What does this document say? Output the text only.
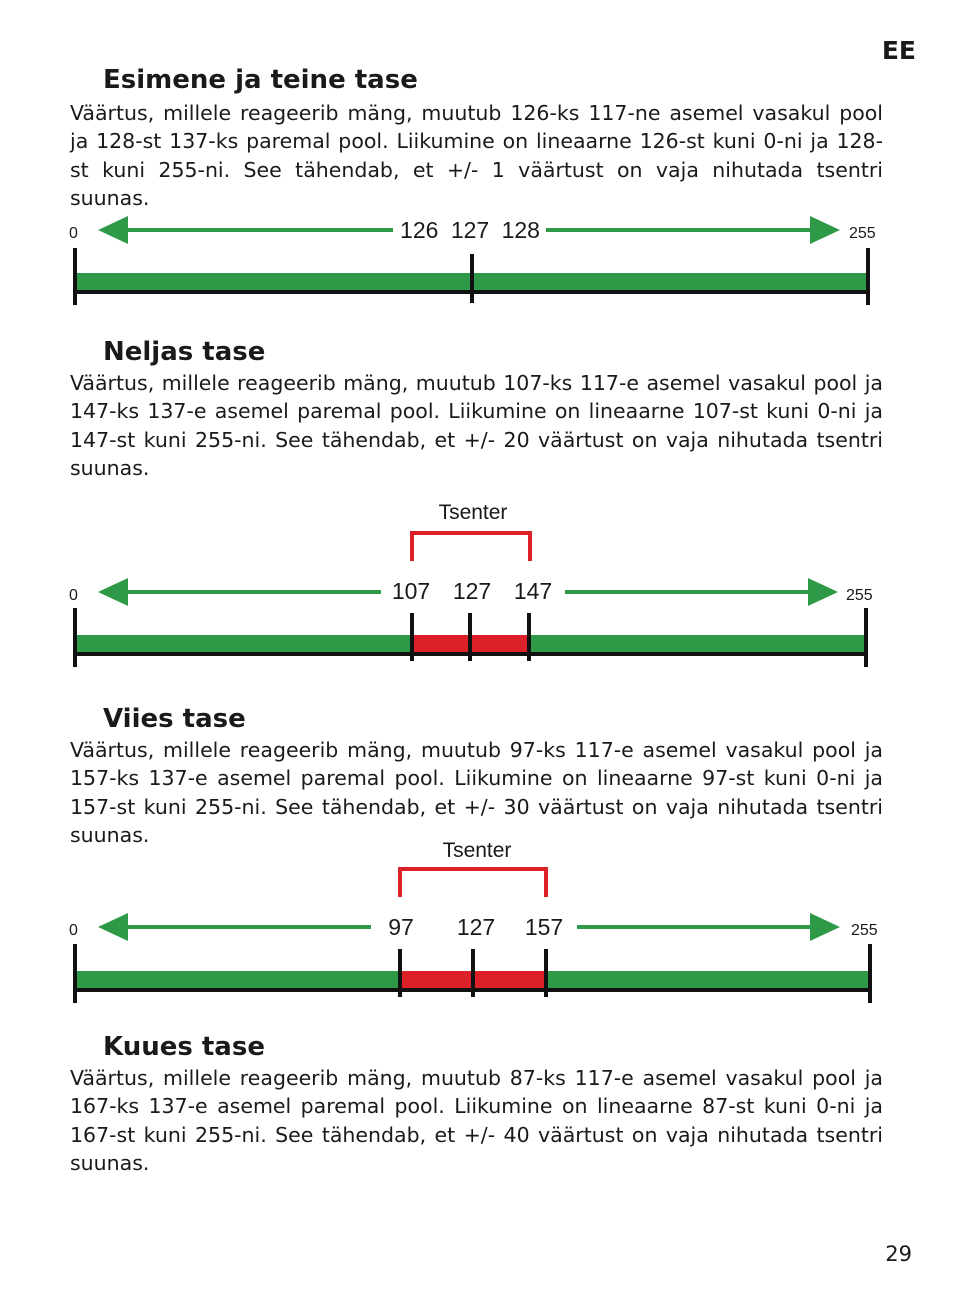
EE
Esimene ja teine tase

Väärtus, millele reageerib mäng, muutub 126-ks 117-ne asemel vasakul pool ja 128-st 137-ks paremal pool. Liikumine on lineaarne 126-st kuni 0-ni ja 128-st kuni 255-ni. See tähendab, et +/- 1 väärtust on vaja nihutada tsentri suunas.

0	255
126 127 128
Neljas tase

Väärtus, millele reageerib mäng, muutub 107-ks 117-e asemel vasakul pool ja 147-ks 137-e asemel paremal pool. Liikumine on lineaarne 107-st kuni 0-ni ja 147-st kuni 255-ni. See tähendab, et +/- 20 väärtust on vaja nihutada tsentri suunas.

Tsenter
0	255
107 127 147
Viies tase

Väärtus, millele reageerib mäng, muutub 97-ks 117-e asemel vasakul pool ja 157-ks 137-e asemel paremal pool. Liikumine on lineaarne 97-st kuni 0-ni ja 157-st kuni 255-ni. See tähendab, et +/- 30 väärtust on vaja nihutada tsentri suunas.

Tsenter
0	255
97 127 157
Kuues tase

Väärtus, millele reageerib mäng, muutub 87-ks 117-e asemel vasakul pool ja 167-ks 137-e asemel paremal pool. Liikumine on lineaarne 87-st kuni 0-ni ja 167-st kuni 255-ni. See tähendab, et +/- 40 väärtust on vaja nihutada tsentri suunas.

29
